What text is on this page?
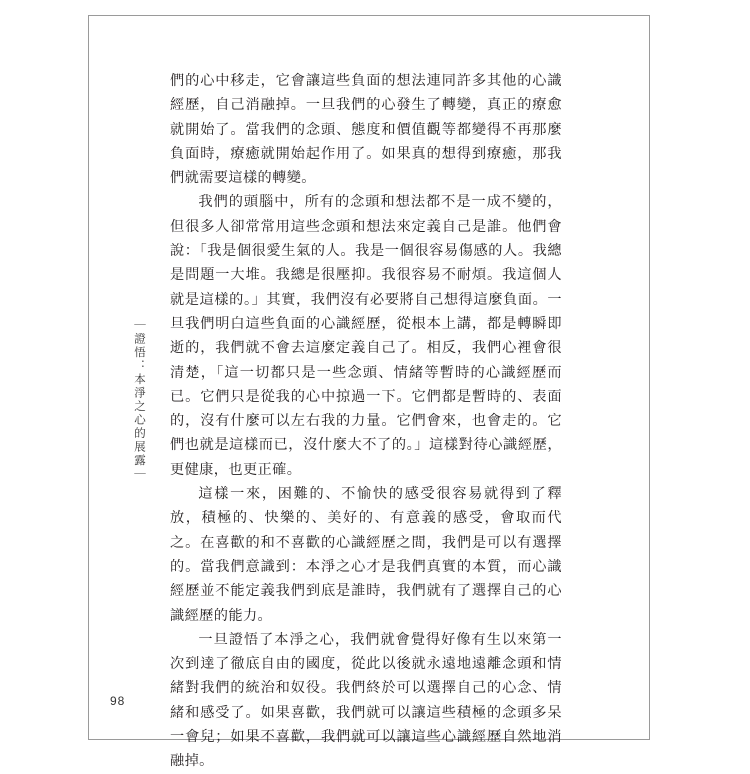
｜證悟：本淨之心的展露｜

們的心中移走，它會讓這些負面的想法連同許多其他的心識經歷，自己消融掉。一旦我們的心發生了轉變，真正的療愈就開始了。當我們的念頭、態度和價值觀等都變得不再那麼負面時，療癒就開始起作用了。如果真的想得到療癒，那我們就需要這樣的轉變。

我們的頭腦中，所有的念頭和想法都不是一成不變的，但很多人卻常常用這些念頭和想法來定義自己是誰。他們會說：「我是個很愛生氣的人。我是一個很容易傷感的人。我總是問題一大堆。我總是很壓抑。我很容易不耐煩。我這個人就是這樣的。」其實，我們沒有必要將自己想得這麼負面。一旦我們明白這些負面的心識經歷，從根本上講，都是轉瞬即逝的，我們就不會去這麼定義自己了。相反，我們心裡會很清楚，「這一切都只是一些念頭、情緒等暫時的心識經歷而已。它們只是從我的心中掠過一下。它們都是暫時的、表面的，沒有什麼可以左右我的力量。它們會來，也會走的。它們也就是這樣而已，沒什麼大不了的。」這樣對待心識經歷，更健康，也更正確。

這樣一來，困難的、不愉快的感受很容易就得到了釋放，積極的、快樂的、美好的、有意義的感受，會取而代之。在喜歡的和不喜歡的心識經歷之間，我們是可以有選擇的。當我們意識到：本淨之心才是我們真實的本質，而心識經歷並不能定義我們到底是誰時，我們就有了選擇自己的心識經歷的能力。

一旦證悟了本淨之心，我們就會覺得好像有生以來第一次到達了徹底自由的國度，從此以後就永遠地遠離念頭和情緒對我們的統治和奴役。我們終於可以選擇自己的心念、情緒和感受了。如果喜歡，我們就可以讓這些積極的念頭多呆一會兒；如果不喜歡，我們就可以讓這些心識經歷自然地消融掉。

98
